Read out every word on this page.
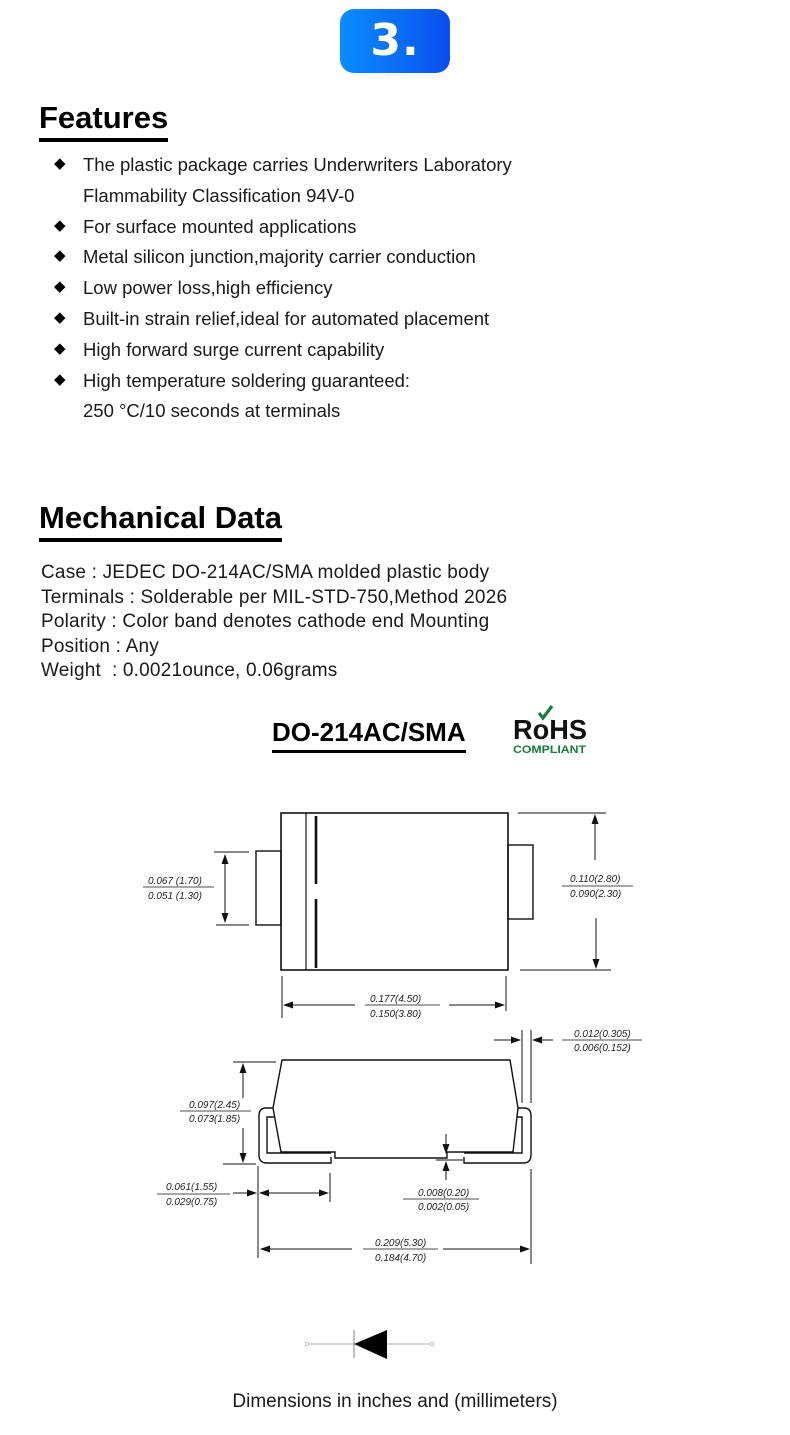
3.
Features
◆ The plastic package carries Underwriters Laboratory
Flammability Classification 94V-0
◆ For surface mounted applications
◆ Metal silicon junction,majority carrier conduction
◆ Low power loss,high efficiency
◆ Built-in strain relief,ideal for automated placement
◆ High forward surge current capability
◆ High temperature soldering guaranteed:
250 °C/10 seconds at terminals
Mechanical Data
Case : JEDEC DO-214AC/SMA molded plastic body
Terminals : Solderable per MIL-STD-750,Method 2026
Polarity : Color band denotes cathode end Mounting
Position : Any
Weight  : 0.0021ounce, 0.06grams
DO-214AC/SMA RoHS
COMPLIANT
0.067 (1.70)
0.051 (1.30)
0.110(2.80)
0.090(2.30)
0.177(4.50)
0.150(3.80)
0.012(0.305)
0.006(0.152)
0.097(2.45)
0.073(1.85)
0.008(0.20)
0.002(0.05)
0.061(1.55)
0.029(0.75)
0.209(5.30)
0.184(4.70)
Dimensions in inches and (millimeters)
